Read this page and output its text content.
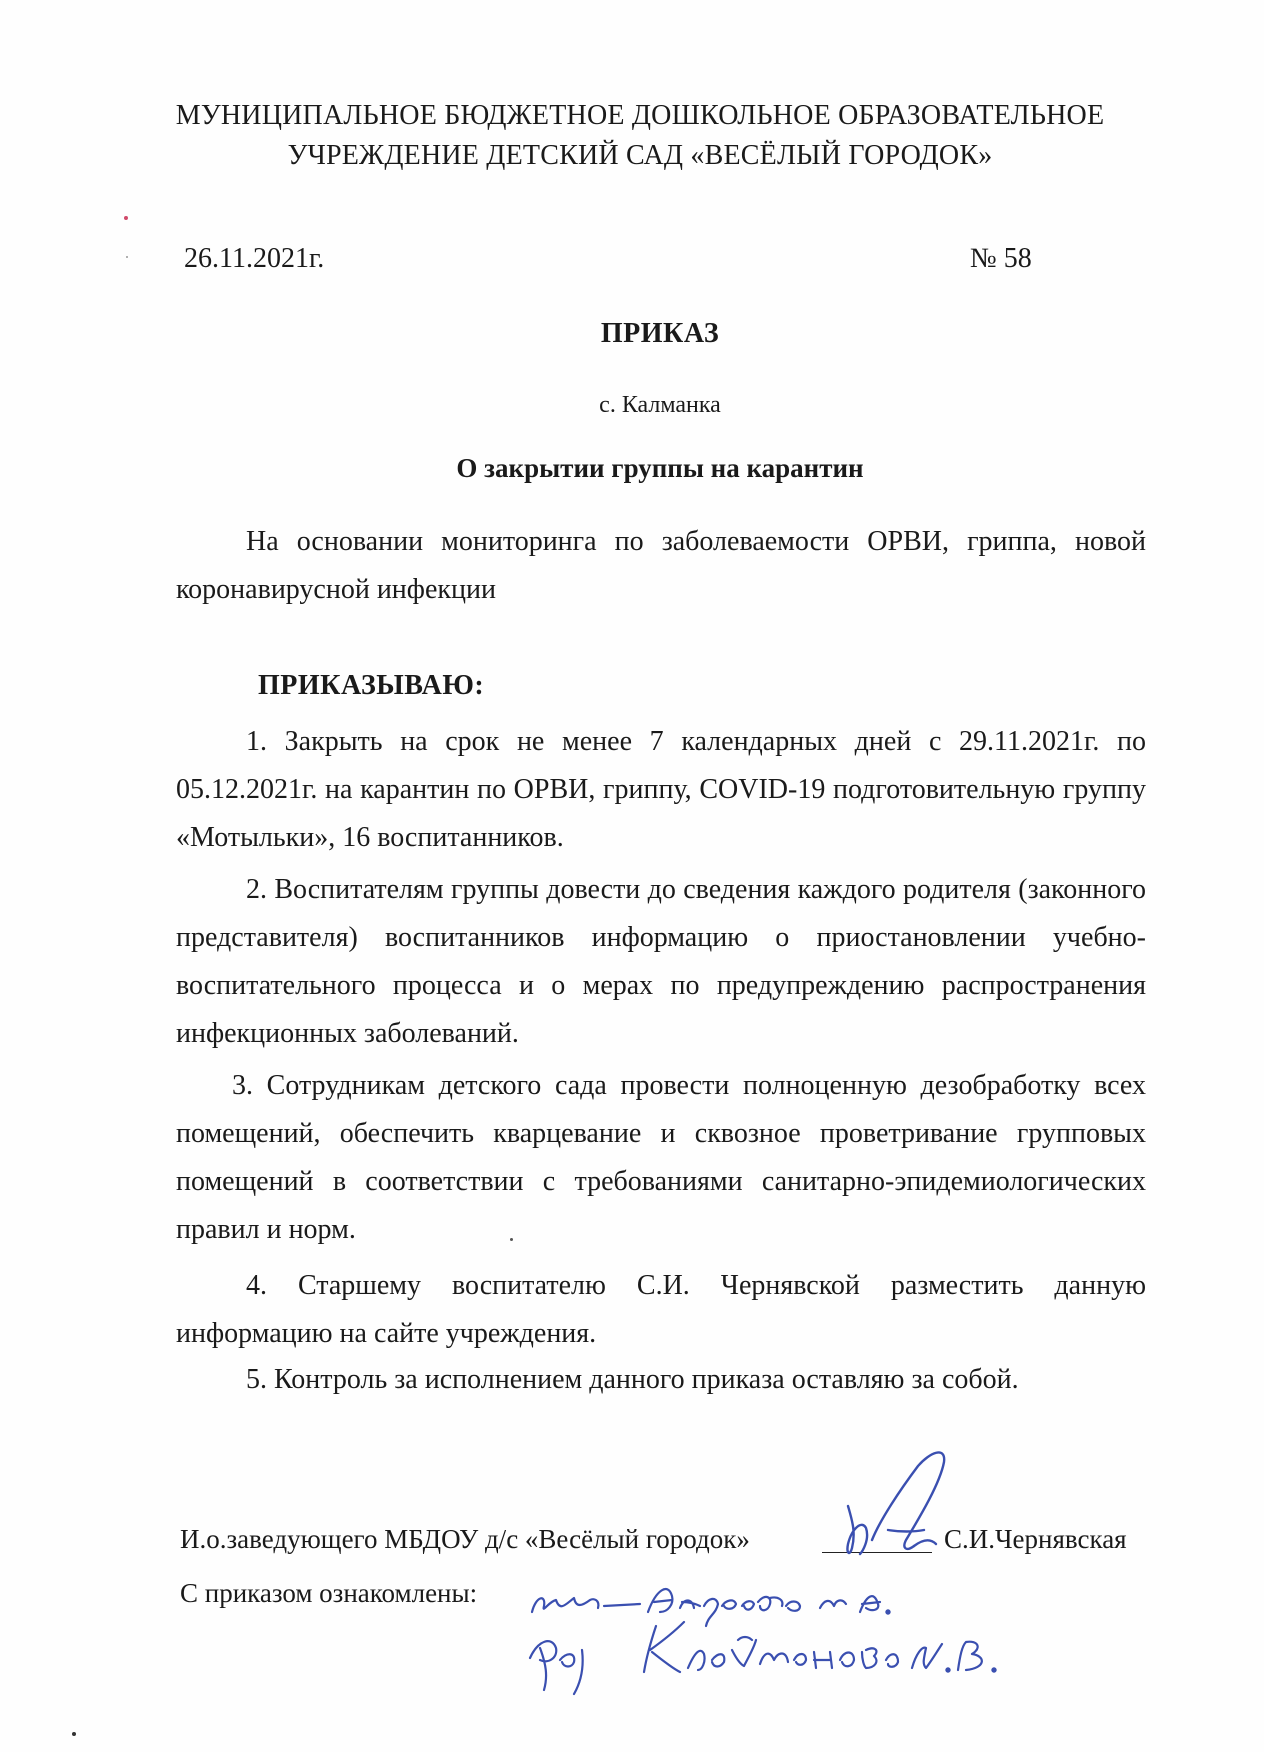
МУНИЦИПАЛЬНОЕ БЮДЖЕТНОЕ ДОШКОЛЬНОЕ ОБРАЗОВАТЕЛЬНОЕ
УЧРЕЖДЕНИЕ ДЕТСКИЙ САД «ВЕСЁЛЫЙ ГОРОДОК»
26.11.2021г.	№ 58
ПРИКАЗ
с. Калманка
О закрытии группы на карантин
На основании мониторинга по заболеваемости ОРВИ, гриппа, новой коронавирусной инфекции
ПРИКАЗЫВАЮ:
1. Закрыть на срок не менее 7 календарных дней с 29.11.2021г. по 05.12.2021г. на карантин по ОРВИ, гриппу, COVID-19 подготовительную группу «Мотыльки», 16 воспитанников.
2. Воспитателям группы довести до сведения каждого родителя (законного представителя) воспитанников информацию о приостановлении учебно-воспитательного процесса и о мерах по предупреждению распространения инфекционных заболеваний.
3. Сотрудникам детского сада провести полноценную дезобработку всех помещений, обеспечить кварцевание и сквозное проветривание групповых помещений в соответствии с требованиями санитарно-эпидемиологических правил и норм.
4. Старшему воспитателю С.И. Чернявской разместить данную информацию на сайте учреждения.
5. Контроль за исполнением данного приказа оставляю за собой.
И.о.заведующего МБДОУ д/с «Весёлый городок»	С.И.Чернявская
С приказом ознакомлены:
